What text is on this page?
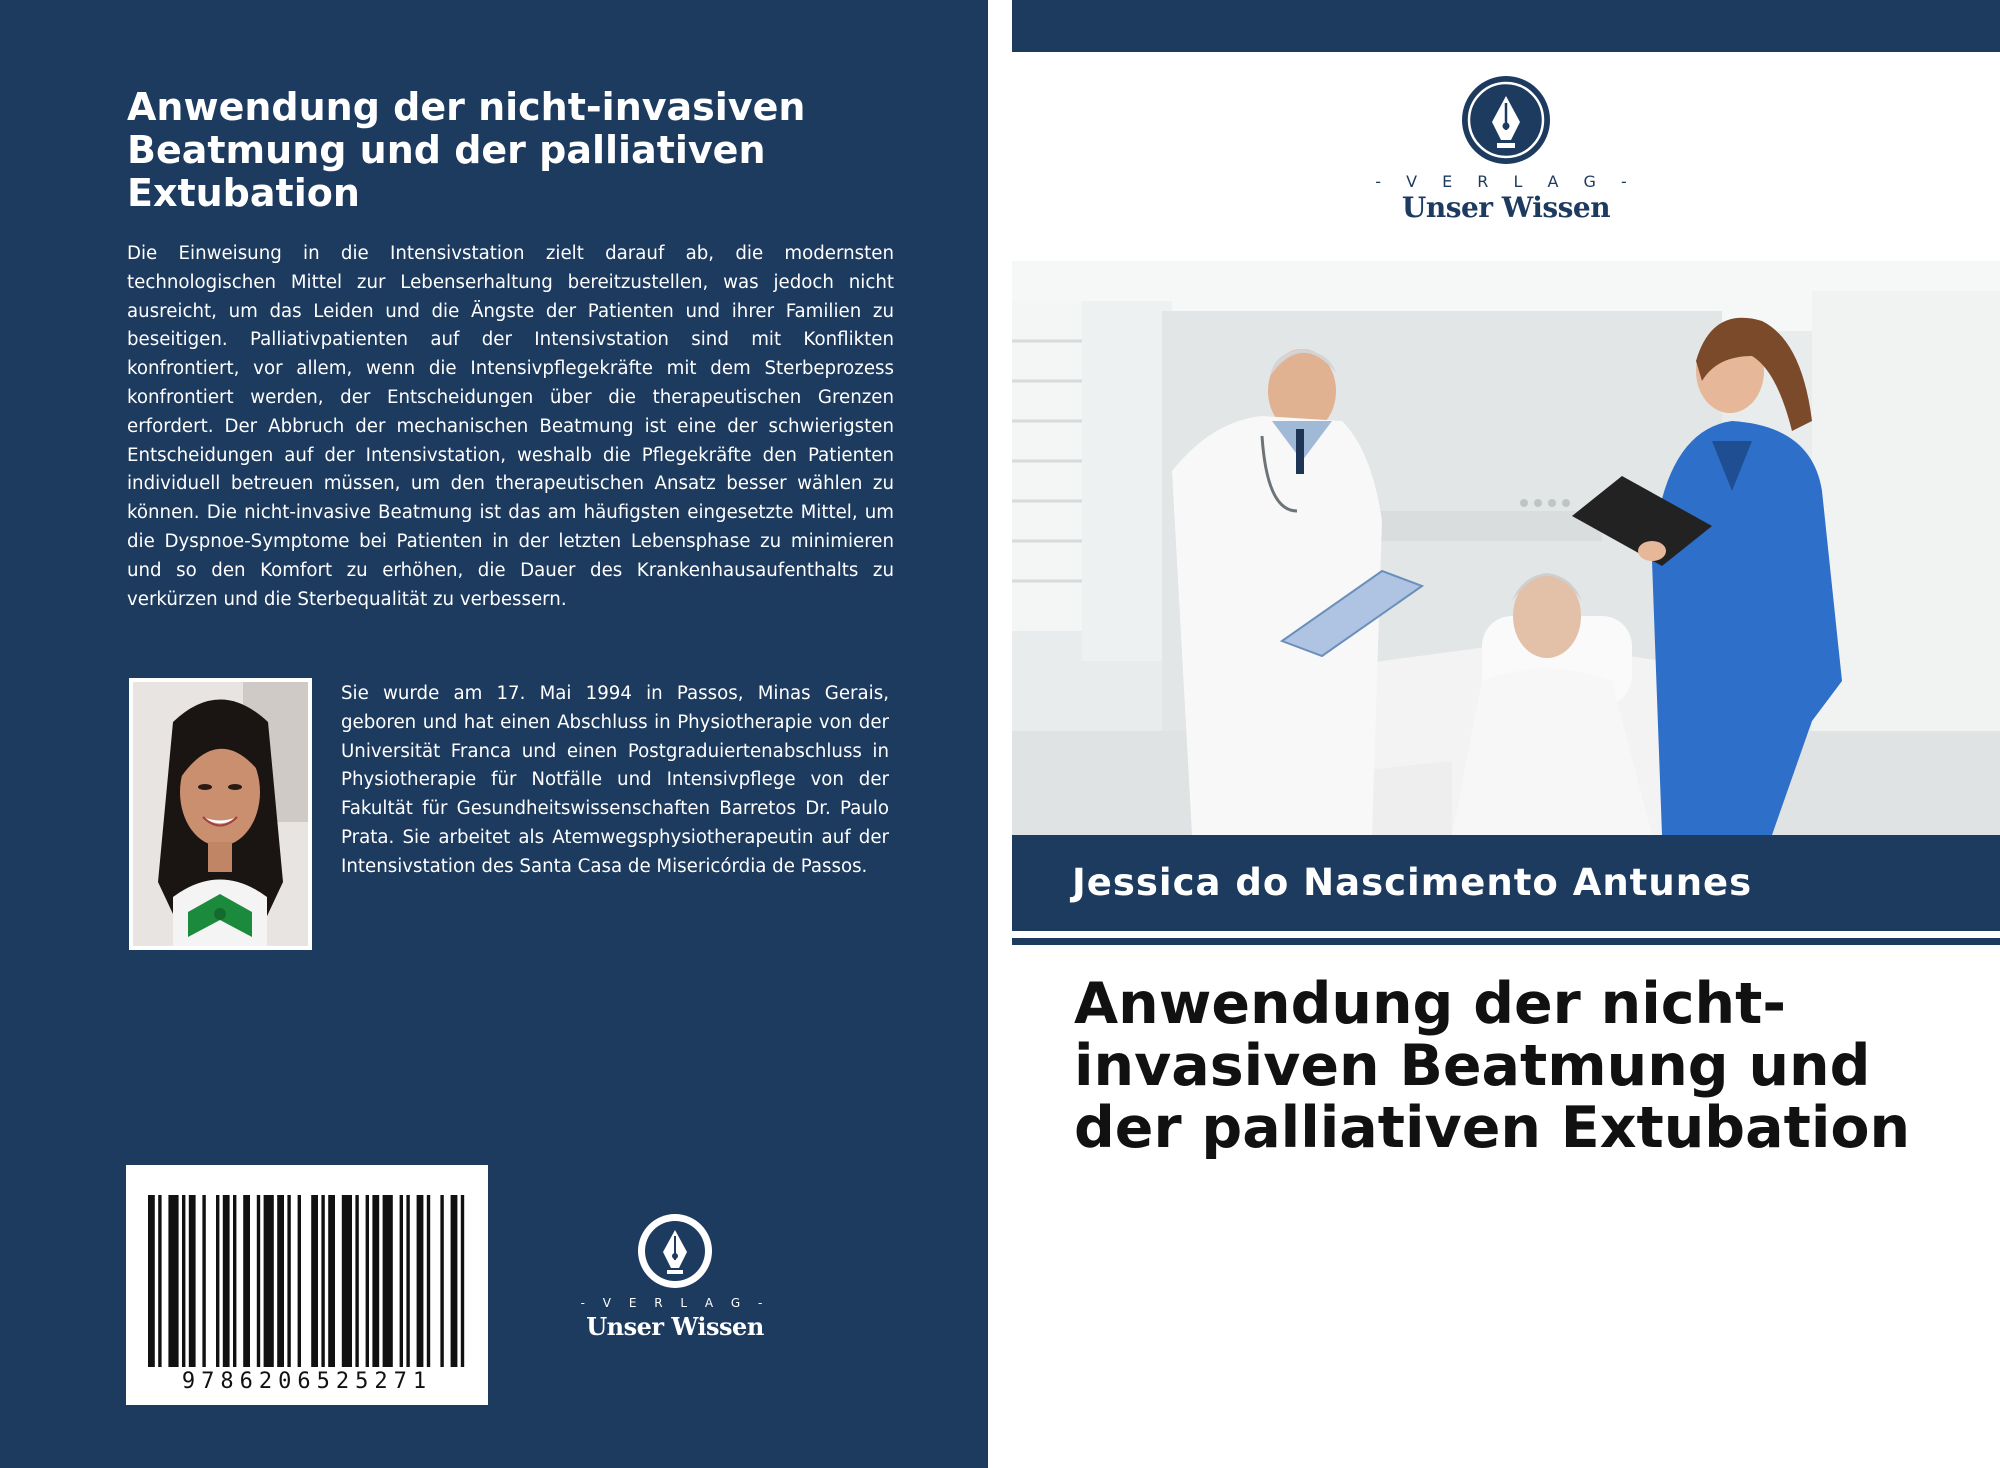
Anwendung der nicht-invasiven Beatmung und der palliativen Extubation

Die Einweisung in die Intensivstation zielt darauf ab, die modernsten technologischen Mittel zur Lebenserhaltung bereitzustellen, was jedoch nicht ausreicht, um das Leiden und die Ängste der Patienten und ihrer Familien zu beseitigen. Palliativpatienten auf der Intensivstation sind mit Konflikten konfrontiert, vor allem, wenn die Intensivpflegekräfte mit dem Sterbeprozess konfrontiert werden, der Entscheidungen über die therapeutischen Grenzen erfordert. Der Abbruch der mechanischen Beatmung ist eine der schwierigsten Entscheidungen auf der Intensivstation, weshalb die Pflegekräfte den Patienten individuell betreuen müssen, um den therapeutischen Ansatz besser wählen zu können. Die nicht-invasive Beatmung ist das am häufigsten eingesetzte Mittel, um die Dyspnoe-Symptome bei Patienten in der letzten Lebensphase zu minimieren und so den Komfort zu erhöhen, die Dauer des Krankenhausaufenthalts zu verkürzen und die Sterbequalität zu verbessern.

Sie wurde am 17. Mai 1994 in Passos, Minas Gerais, geboren und hat einen Abschluss in Physiotherapie von der Universität Franca und einen Postgraduiertenabschluss in Physiotherapie für Notfälle und Intensivpflege von der Fakultät für Gesundheitswissenschaften Barretos Dr. Paulo Prata. Sie arbeitet als Atemwegsphysiotherapeutin auf der Intensivstation des Santa Casa de Misericórdia de Passos.

9786206525271
- V E R L A G -
Unser Wissen
- V E R L A G -
Unser Wissen
Jessica do Nascimento Antunes
Anwendung der nicht-invasiven Beatmung und der palliativen Extubation
